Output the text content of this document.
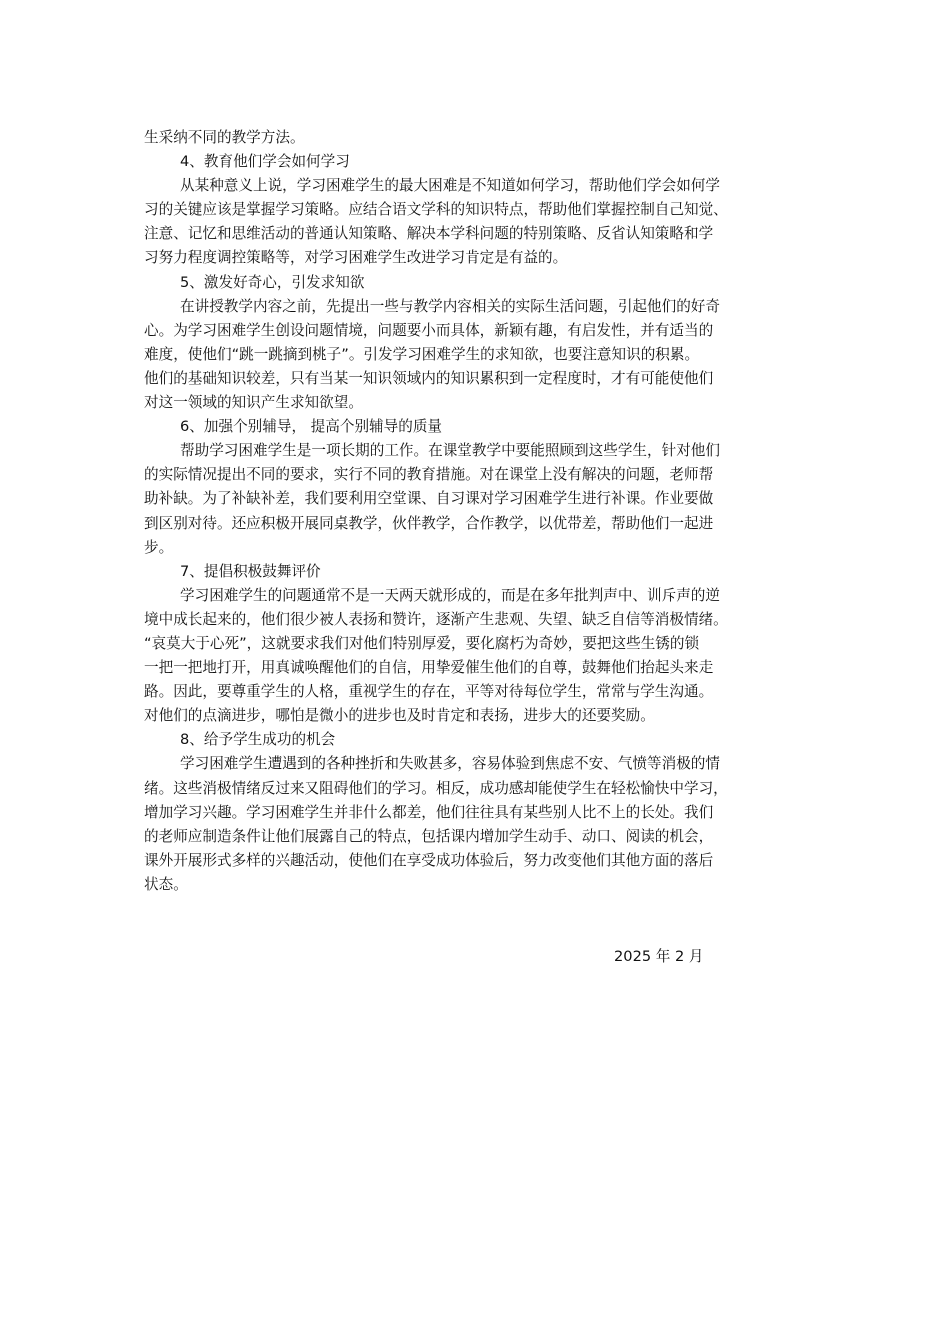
生采纳不同的教学方法。
4、教育他们学会如何学习
从某种意义上说，学习困难学生的最大困难是不知道如何学习，帮助他们学会如何学
习的关键应该是掌握学习策略。应结合语文学科的知识特点，帮助他们掌握控制自己知觉、
注意、记忆和思维活动的普通认知策略、解决本学科问题的特别策略、反省认知策略和学
习努力程度调控策略等，对学习困难学生改进学习肯定是有益的。
5、激发好奇心，引发求知欲
在讲授教学内容之前，先提出一些与教学内容相关的实际生活问题，引起他们的好奇
心。为学习困难学生创设问题情境，问题要小而具体，新颖有趣，有启发性，并有适当的
难度，使他们“跳一跳摘到桃子”。引发学习困难学生的求知欲，也要注意知识的积累。
他们的基础知识较差，只有当某一知识领域内的知识累积到一定程度时，才有可能使他们
对这一领域的知识产生求知欲望。
6、加强个别辅导， 提高个别辅导的质量
帮助学习困难学生是一项长期的工作。在课堂教学中要能照顾到这些学生，针对他们
的实际情况提出不同的要求，实行不同的教育措施。对在课堂上没有解决的问题，老师帮
助补缺。为了补缺补差，我们要利用空堂课、自习课对学习困难学生进行补课。作业要做
到区别对待。还应积极开展同桌教学，伙伴教学，合作教学，以优带差，帮助他们一起进
步。
7、提倡积极鼓舞评价
学习困难学生的问题通常不是一天两天就形成的，而是在多年批判声中、训斥声的逆
境中成长起来的，他们很少被人表扬和赞许，逐渐产生悲观、失望、缺乏自信等消极情绪。
“哀莫大于心死”，这就要求我们对他们特别厚爱，要化腐朽为奇妙，要把这些生锈的锁
一把一把地打开，用真诚唤醒他们的自信，用挚爱催生他们的自尊，鼓舞他们抬起头来走
路。因此，要尊重学生的人格，重视学生的存在，平等对待每位学生，常常与学生沟通。
对他们的点滴进步，哪怕是微小的进步也及时肯定和表扬，进步大的还要奖励。
8、给予学生成功的机会
学习困难学生遭遇到的各种挫折和失败甚多，容易体验到焦虑不安、气愤等消极的情
绪。这些消极情绪反过来又阻碍他们的学习。相反，成功感却能使学生在轻松愉快中学习，
增加学习兴趣。学习困难学生并非什么都差，他们往往具有某些别人比不上的长处。我们
的老师应制造条件让他们展露自己的特点，包括课内增加学生动手、动口、阅读的机会，
课外开展形式多样的兴趣活动，使他们在享受成功体验后，努力改变他们其他方面的落后
状态。
2025 年 2 月
